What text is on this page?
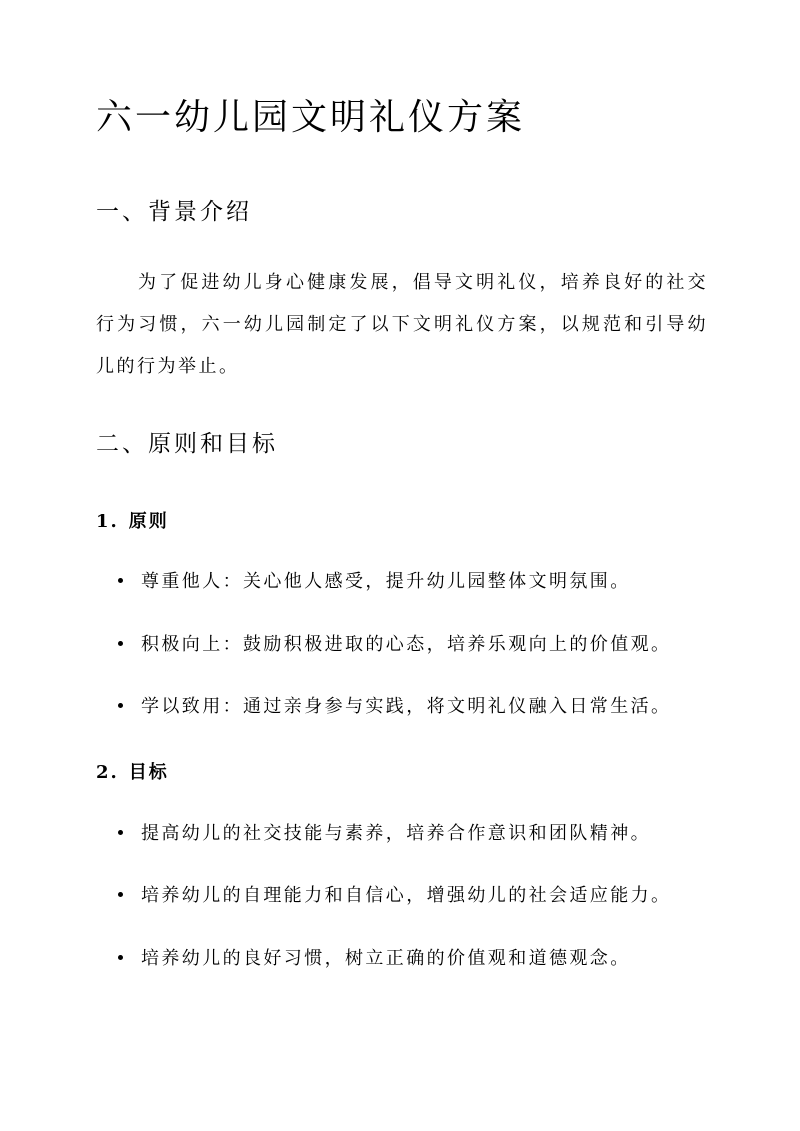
六一幼儿园文明礼仪方案
一、背景介绍
为了促进幼儿身心健康发展，倡导文明礼仪，培养良好的社交行为习惯，六一幼儿园制定了以下文明礼仪方案，以规范和引导幼儿的行为举止。
二、原则和目标
1. 原则
尊重他人：关心他人感受，提升幼儿园整体文明氛围。
积极向上：鼓励积极进取的心态，培养乐观向上的价值观。
学以致用：通过亲身参与实践，将文明礼仪融入日常生活。
2. 目标
提高幼儿的社交技能与素养，培养合作意识和团队精神。
培养幼儿的自理能力和自信心，增强幼儿的社会适应能力。
培养幼儿的良好习惯，树立正确的价值观和道德观念。
